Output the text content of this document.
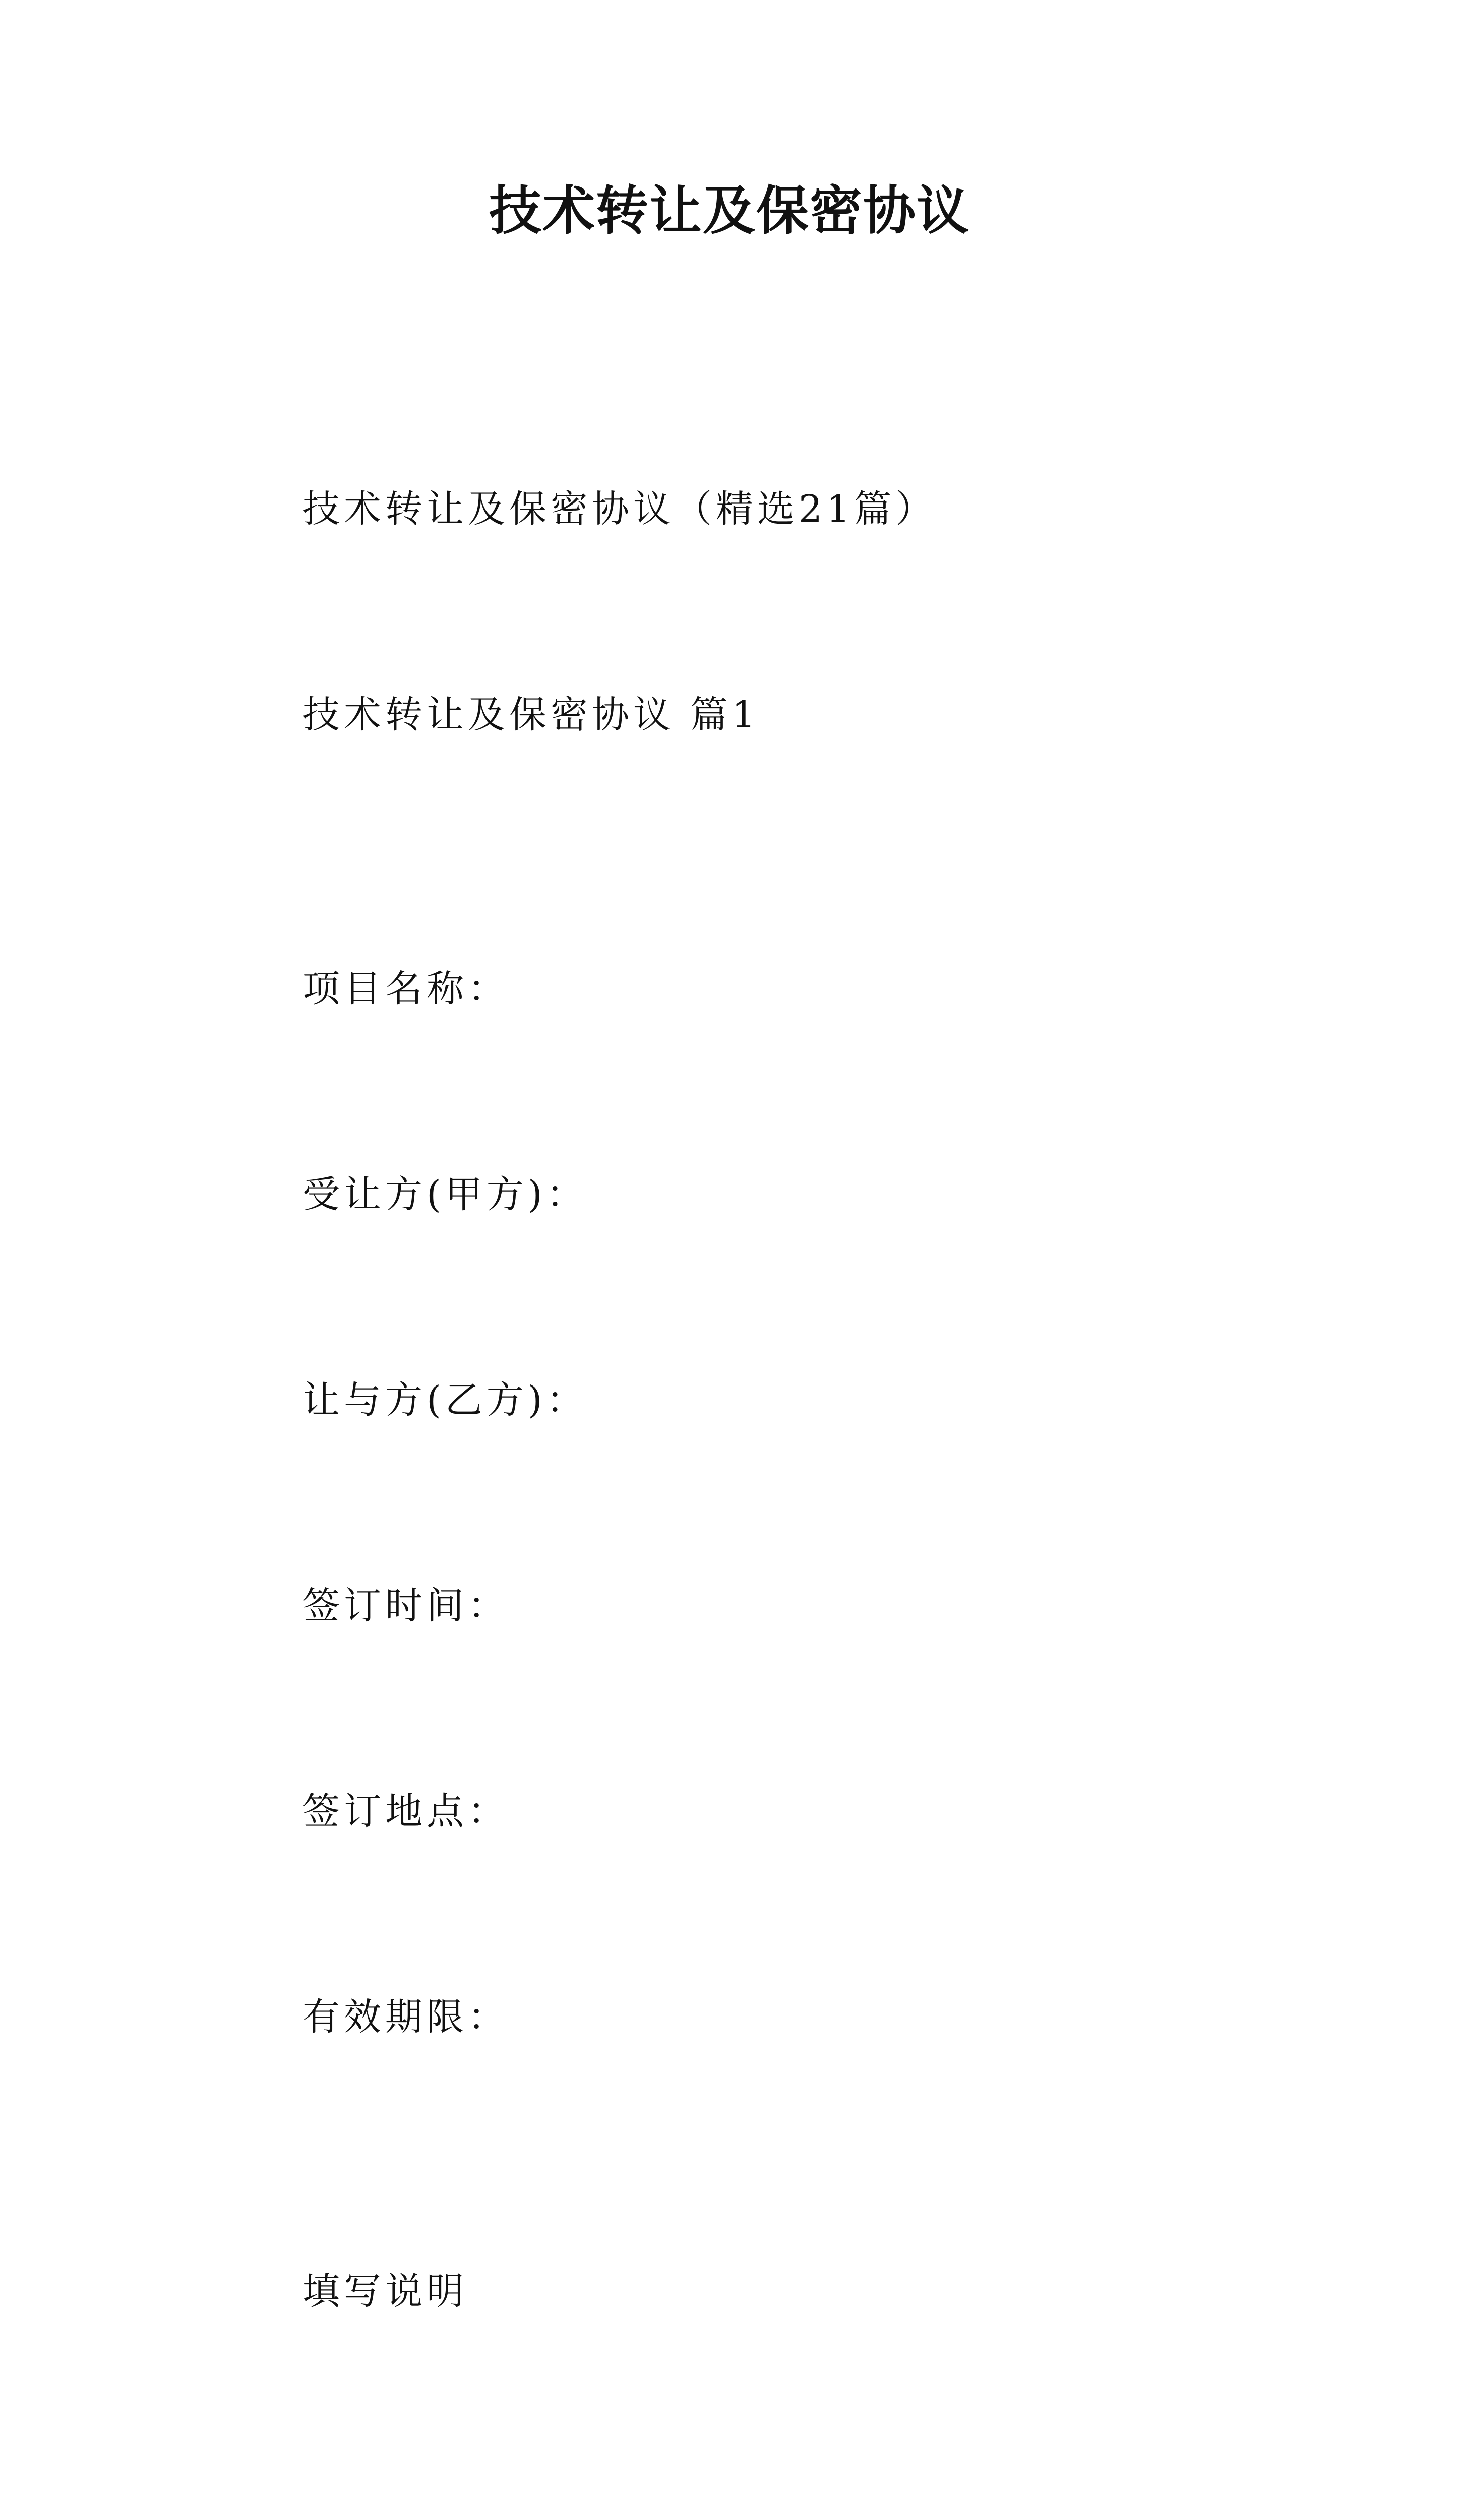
技术转让及保密协议

技术转让及保密协议（精选21篇）

技术转让及保密协议 篇1

项目名称：

受让方(甲方)：

让与方(乙方)：

签订时间：

签订地点：

有效期限：

填写说明
